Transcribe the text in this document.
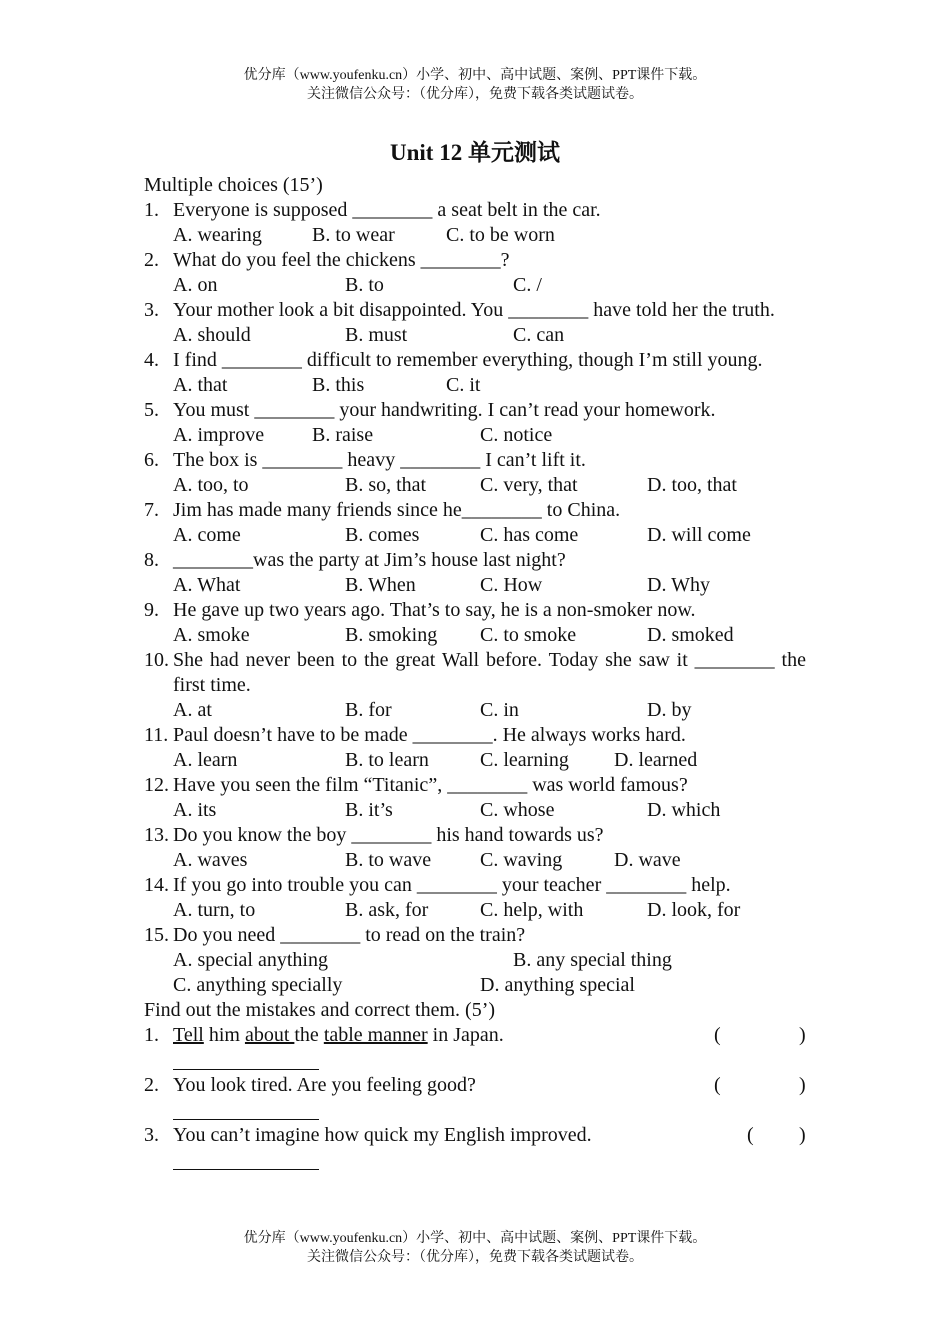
优分库（www.youfenku.cn）小学、初中、高中试题、案例、PPT课件下载。
关注微信公众号：（优分库），免费下载各类试题试卷。
Unit 12 单元测试
Multiple choices (15’)
1. Everyone is supposed ________ a seat belt in the car.
A. wearing	B. to wear	C. to be worn
2. What do you feel the chickens ________?
A. on	B. to	C. /
3. Your mother look a bit disappointed. You ________ have told her the truth.
A. should	B. must	C. can
4. I find ________ difficult to remember everything, though I’m still young.
A. that	B. this	C. it
5. You must ________ your handwriting. I can’t read your homework.
A. improve B. raise	C. notice
6. The box is ________ heavy ________ I can’t lift it.
A. too, to	B. so, that	C. very, that	D. too, that
7. Jim has made many friends since he________ to China.
A. come	B. comes	C. has come	D. will come
8. ________was the party at Jim’s house last night?
A. What	B. When	C. How	D. Why
9. He gave up two years ago. That’s to say, he is a non-smoker now.
A. smoke	B. smoking C. to smoke	D. smoked
10. She had never been to the great Wall before. Today she saw it ________ the first time.
A. at	B. for	C. in	D. by
11. Paul doesn’t have to be made ________. He always works hard.
A. learn	B. to learn	C. learning D. learned
12. Have you seen the film “Titanic”, ________ was world famous?
A. its	B. it’s	C. whose	D. which
13. Do you know the boy ________ his hand towards us?
A. waves	B. to wave C. waving	D. wave
14. If you go into trouble you can ________ your teacher ________ help.
A. turn, to	B. ask, for	C. help, with	D. look, for
15. Do you need ________ to read on the train?
A. special anything	B. any special thing
C. anything specially	D. anything special
Find out the mistakes and correct them. (5’)
1. Tell him about the table manner in Japan.	(	)
2. You look tired. Are you feeling good?	(	)
3. You can’t imagine how quick my English improved.	( )
优分库（www.youfenku.cn）小学、初中、高中试题、案例、PPT课件下载。
关注微信公众号：（优分库），免费下载各类试题试卷。
